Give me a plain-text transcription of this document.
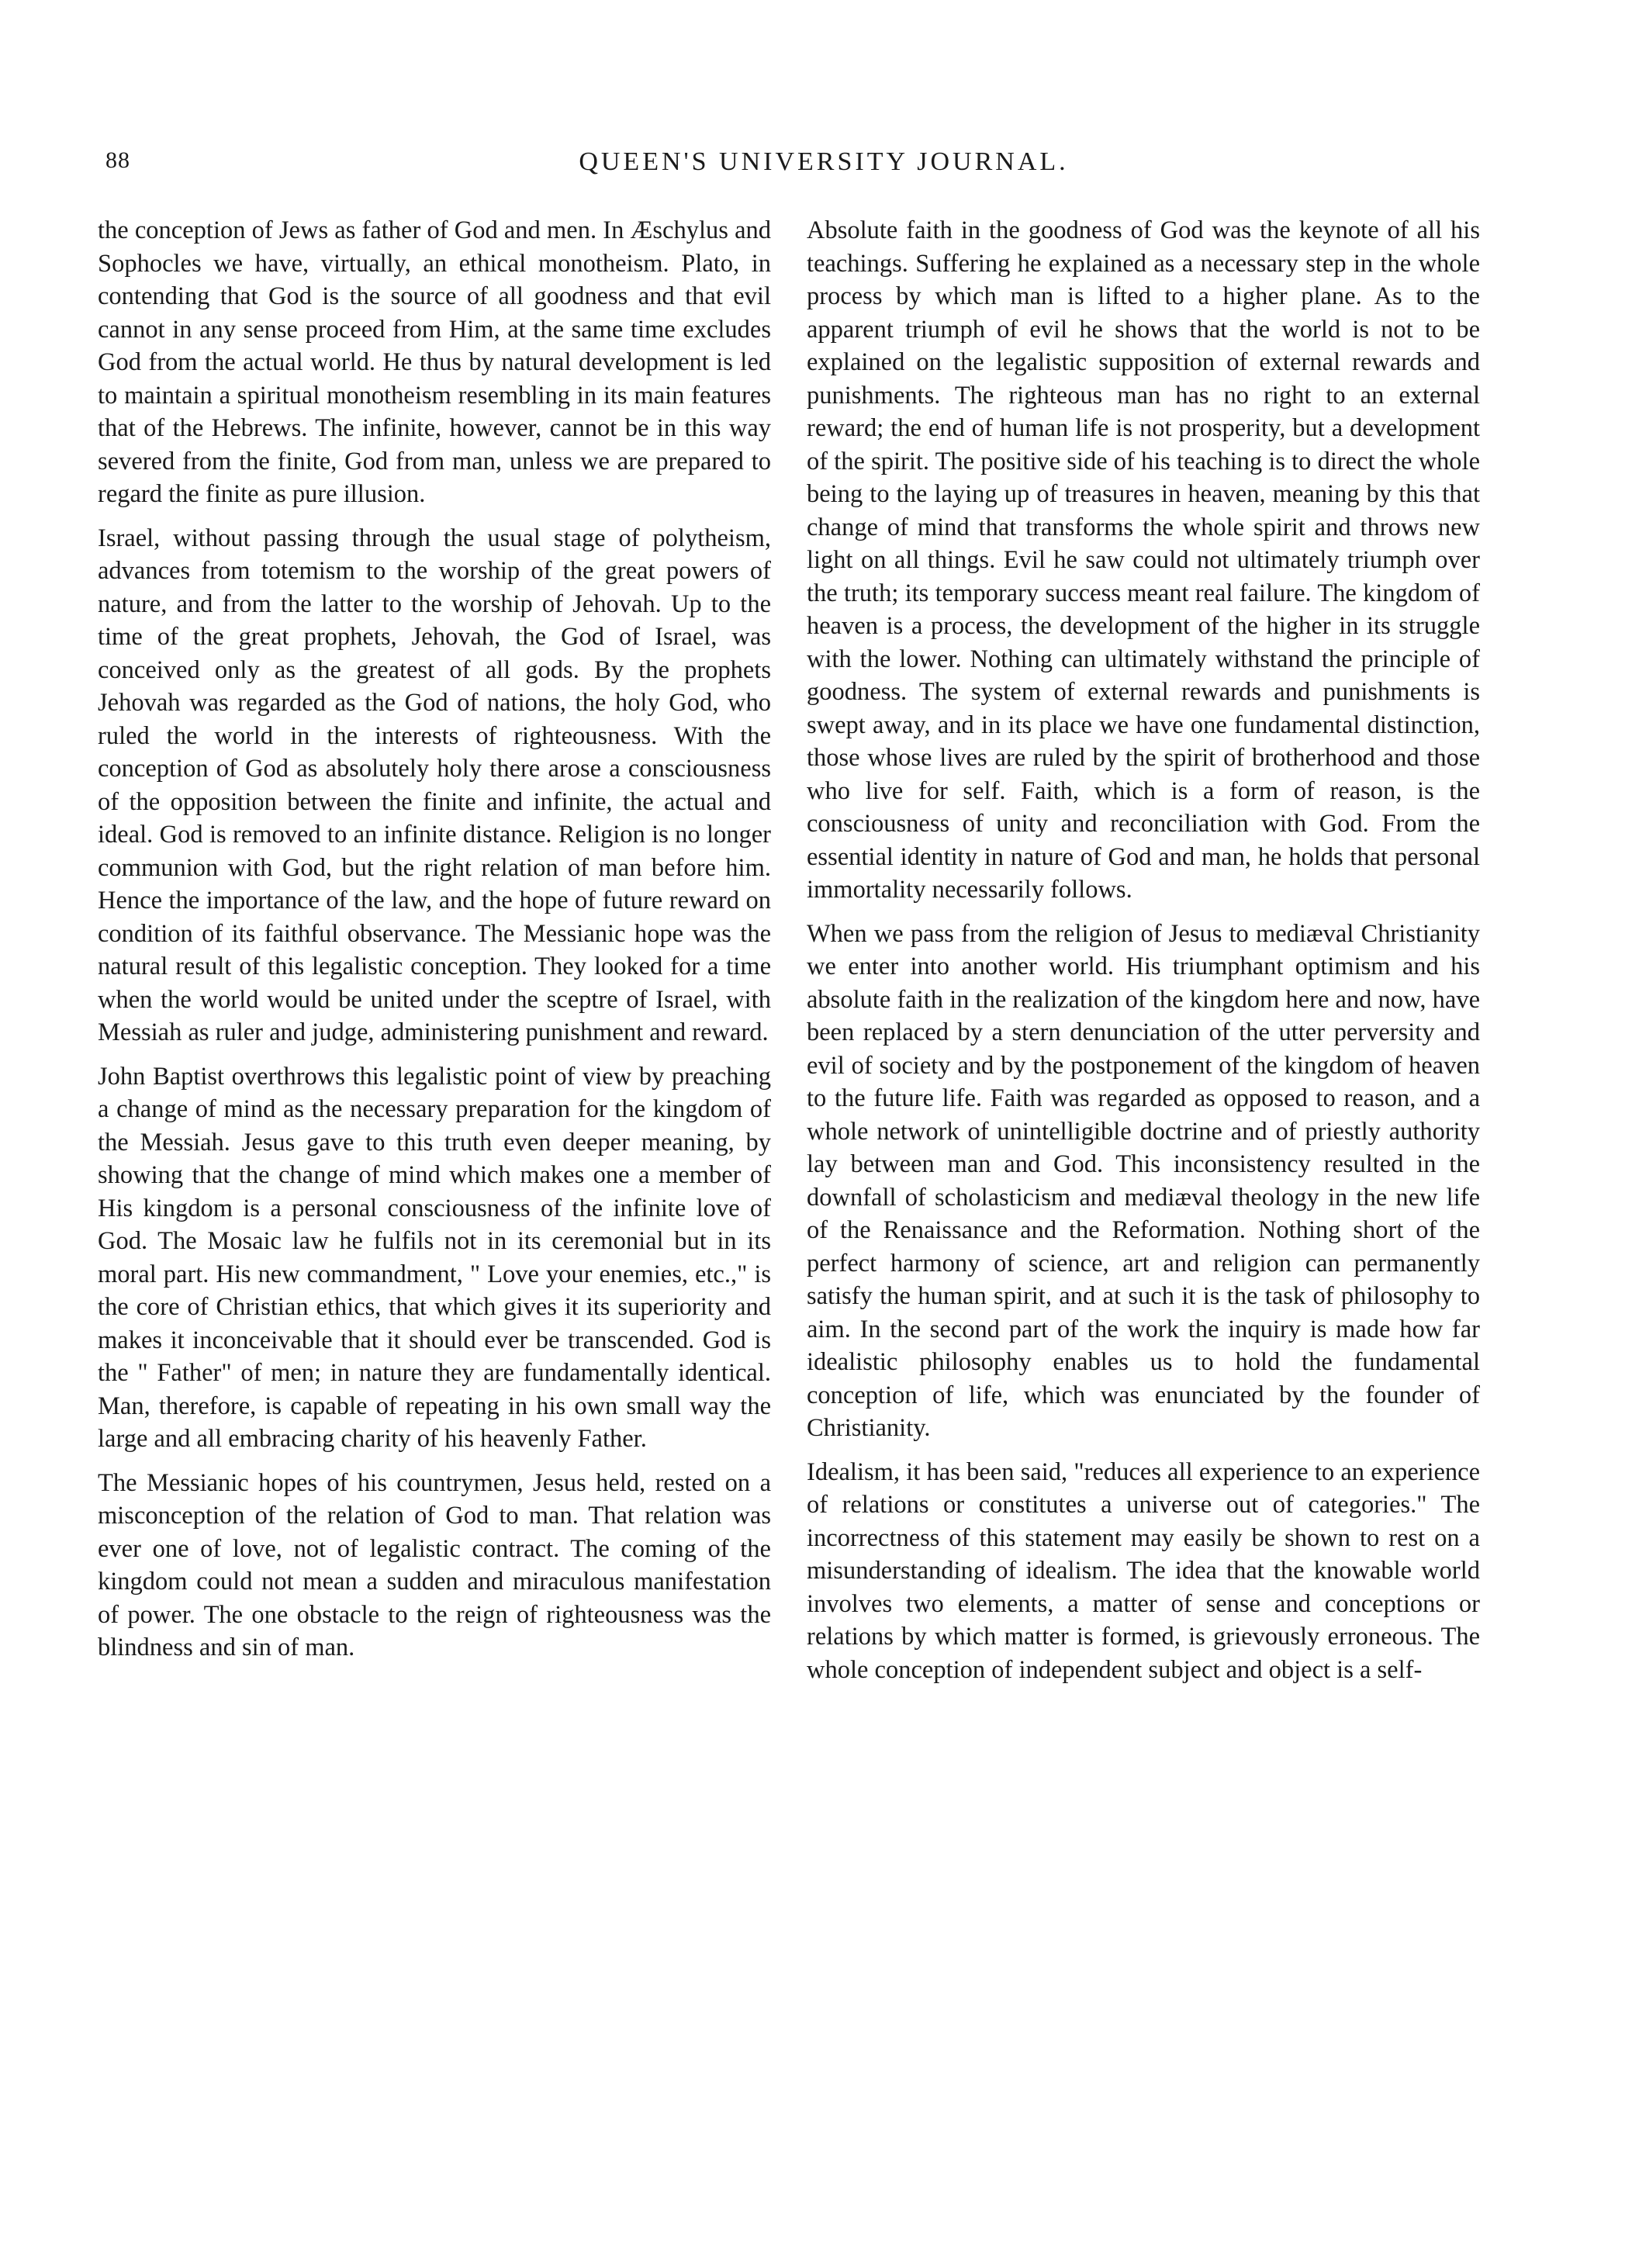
88	QUEEN'S UNIVERSITY JOURNAL.

the conception of Jews as father of God and men. In Æschylus and Sophocles we have, virtually, an ethical monotheism. Plato, in contending that God is the source of all goodness and that evil cannot in any sense proceed from Him, at the same time excludes God from the actual world. He thus by natural development is led to maintain a spiritual monotheism resembling in its main features that of the Hebrews. The infinite, however, cannot be in this way severed from the finite, God from man, unless we are prepared to regard the finite as pure illusion.

Israel, without passing through the usual stage of polytheism, advances from totemism to the worship of the great powers of nature, and from the latter to the worship of Jehovah. Up to the time of the great prophets, Jehovah, the God of Israel, was conceived only as the greatest of all gods. By the prophets Jehovah was regarded as the God of nations, the holy God, who ruled the world in the interests of righteousness. With the conception of God as absolutely holy there arose a consciousness of the opposition between the finite and infinite, the actual and ideal. God is removed to an infinite distance. Religion is no longer communion with God, but the right relation of man before him. Hence the importance of the law, and the hope of future reward on condition of its faithful observance. The Messianic hope was the natural result of this legalistic conception. They looked for a time when the world would be united under the sceptre of Israel, with Messiah as ruler and judge, administering punishment and reward.

John Baptist overthrows this legalistic point of view by preaching a change of mind as the necessary preparation for the kingdom of the Messiah. Jesus gave to this truth even deeper meaning, by showing that the change of mind which makes one a member of His kingdom is a personal consciousness of the infinite love of God. The Mosaic law he fulfils not in its ceremonial but in its moral part. His new commandment, " Love your enemies, etc.," is the core of Christian ethics, that which gives it its superiority and makes it inconceivable that it should ever be transcended. God is the " Father" of men; in nature they are fundamentally identical. Man, therefore, is capable of repeating in his own small way the large and all embracing charity of his heavenly Father.

The Messianic hopes of his countrymen, Jesus held, rested on a misconception of the relation of God to man. That relation was ever one of love, not of legalistic contract. The coming of the kingdom could not mean a sudden and miraculous manifestation of power. The one obstacle to the reign of righteousness was the blindness and sin of man.

Absolute faith in the goodness of God was the keynote of all his teachings. Suffering he explained as a necessary step in the whole process by which man is lifted to a higher plane. As to the apparent triumph of evil he shows that the world is not to be explained on the legalistic supposition of external rewards and punishments. The righteous man has no right to an external reward; the end of human life is not prosperity, but a development of the spirit. The positive side of his teaching is to direct the whole being to the laying up of treasures in heaven, meaning by this that change of mind that transforms the whole spirit and throws new light on all things. Evil he saw could not ultimately triumph over the truth; its temporary success meant real failure. The kingdom of heaven is a process, the development of the higher in its struggle with the lower. Nothing can ultimately withstand the principle of goodness. The system of external rewards and punishments is swept away, and in its place we have one fundamental distinction, those whose lives are ruled by the spirit of brotherhood and those who live for self. Faith, which is a form of reason, is the consciousness of unity and reconciliation with God. From the essential identity in nature of God and man, he holds that personal immortality necessarily follows.

When we pass from the religion of Jesus to mediæval Christianity we enter into another world. His triumphant optimism and his absolute faith in the realization of the kingdom here and now, have been replaced by a stern denunciation of the utter perversity and evil of society and by the postponement of the kingdom of heaven to the future life. Faith was regarded as opposed to reason, and a whole network of unintelligible doctrine and of priestly authority lay between man and God. This inconsistency resulted in the downfall of scholasticism and mediæval theology in the new life of the Renaissance and the Reformation. Nothing short of the perfect harmony of science, art and religion can permanently satisfy the human spirit, and at such it is the task of philosophy to aim. In the second part of the work the inquiry is made how far idealistic philosophy enables us to hold the fundamental conception of life, which was enunciated by the founder of Christianity.

Idealism, it has been said, "reduces all experience to an experience of relations or constitutes a universe out of categories." The incorrectness of this statement may easily be shown to rest on a misunderstanding of idealism. The idea that the knowable world involves two elements, a matter of sense and conceptions or relations by which matter is formed, is grievously erroneous. The whole conception of independent subject and object is a self-
